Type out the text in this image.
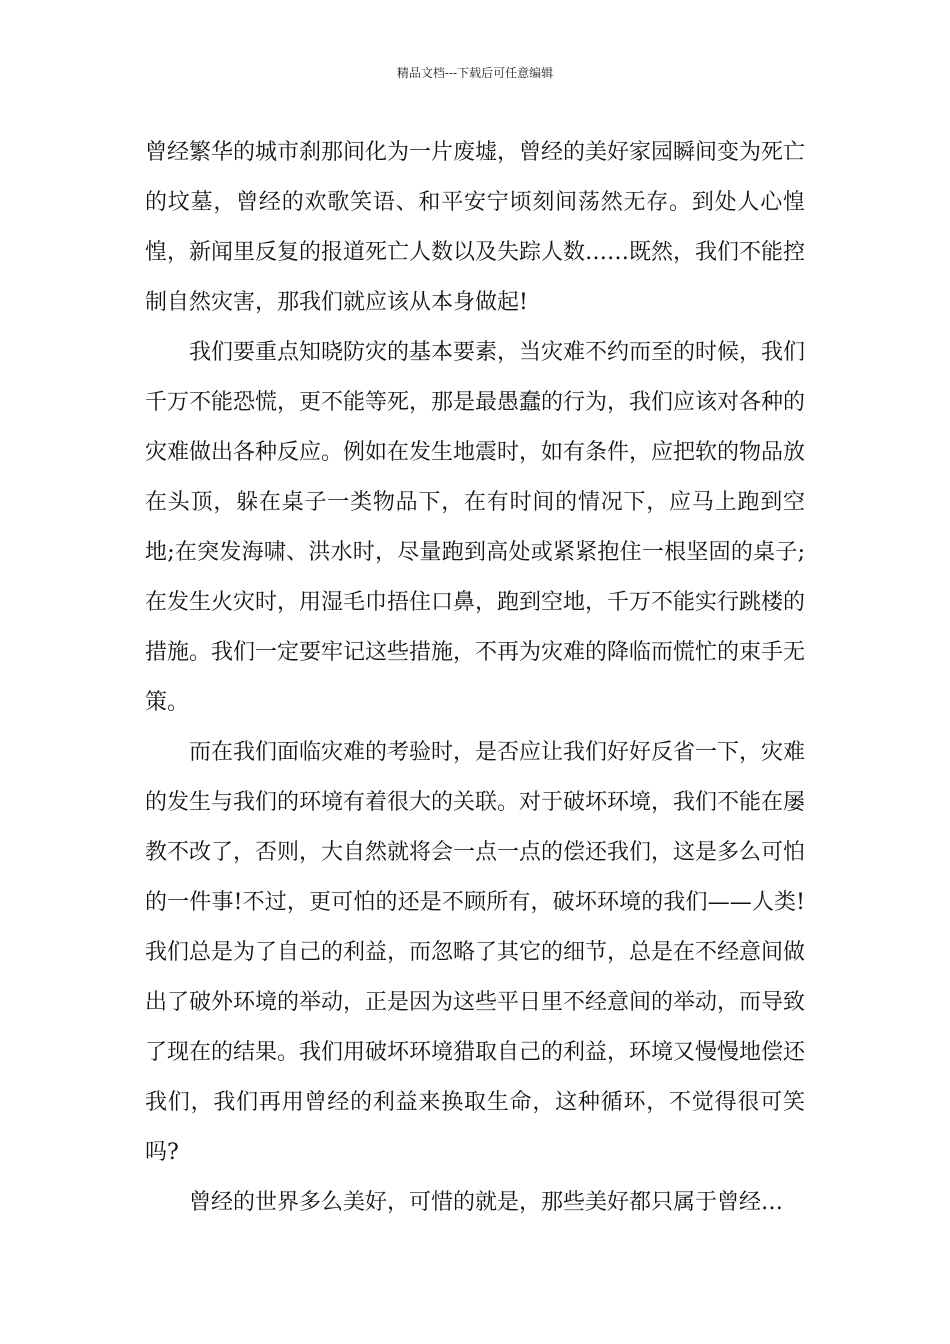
精品文档---下载后可任意编辑

曾经繁华的城市刹那间化为一片废墟，曾经的美好家园瞬间变为死亡的坟墓，曾经的欢歌笑语、和平安宁顷刻间荡然无存。到处人心惶惶，新闻里反复的报道死亡人数以及失踪人数……既然，我们不能控制自然灾害，那我们就应该从本身做起!

我们要重点知晓防灾的基本要素，当灾难不约而至的时候，我们千万不能恐慌，更不能等死，那是最愚蠢的行为，我们应该对各种的灾难做出各种反应。例如在发生地震时，如有条件，应把软的物品放在头顶，躲在桌子一类物品下，在有时间的情况下，应马上跑到空地;在突发海啸、洪水时，尽量跑到高处或紧紧抱住一根坚固的桌子;在发生火灾时，用湿毛巾捂住口鼻，跑到空地，千万不能实行跳楼的措施。我们一定要牢记这些措施，不再为灾难的降临而慌忙的束手无策。

而在我们面临灾难的考验时，是否应让我们好好反省一下，灾难的发生与我们的环境有着很大的关联。对于破坏环境，我们不能在屡教不改了，否则，大自然就将会一点一点的偿还我们，这是多么可怕的一件事!不过，更可怕的还是不顾所有，破坏环境的我们——人类!我们总是为了自己的利益，而忽略了其它的细节，总是在不经意间做出了破外环境的举动，正是因为这些平日里不经意间的举动，而导致了现在的结果。我们用破坏环境猎取自己的利益，环境又慢慢地偿还我们，我们再用曾经的利益来换取生命，这种循环，不觉得很可笑吗?

曾经的世界多么美好，可惜的就是，那些美好都只属于曾经…
